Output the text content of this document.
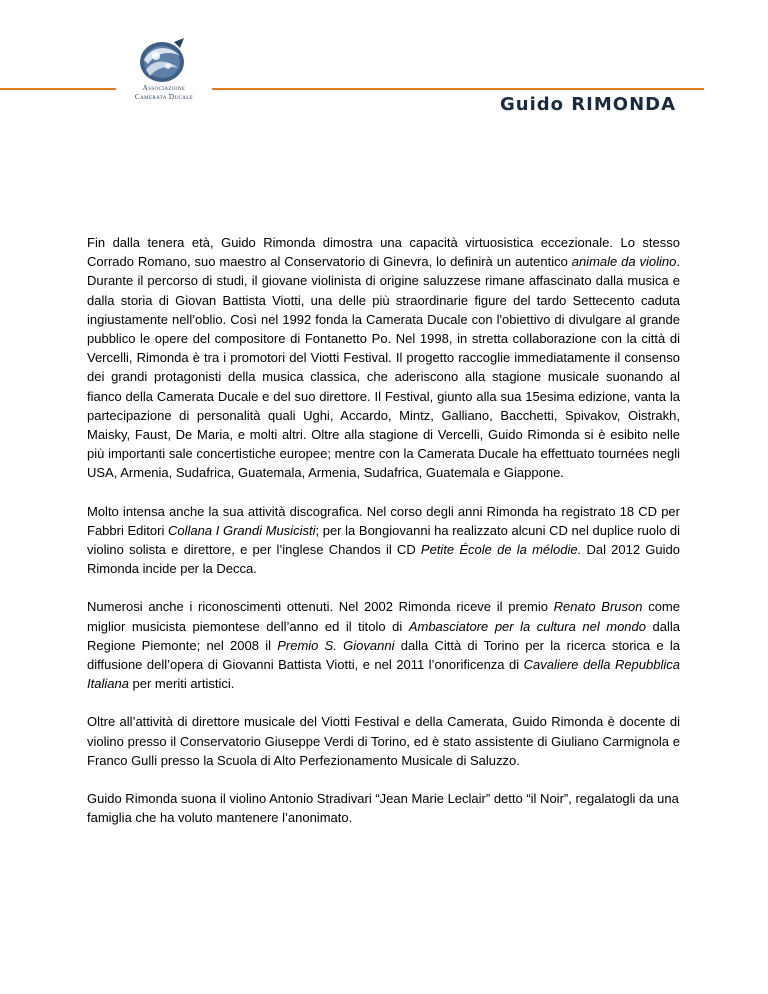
Associazione
Camerata Ducale	Guido RIMONDA

Fin dalla tenera età, Guido Rimonda dimostra una capacità virtuosistica eccezionale. Lo stesso Corrado Romano, suo maestro al Conservatorio di Ginevra, lo definirà un autentico animale da violino. Durante il percorso di studi, il giovane violinista di origine saluzzese rimane affascinato dalla musica e dalla storia di Giovan Battista Viotti, una delle più straordinarie figure del tardo Settecento caduta ingiustamente nell’oblio. Così nel 1992 fonda la Camerata Ducale con l'obiettivo di divulgare al grande pubblico le opere del compositore di Fontanetto Po. Nel 1998, in stretta collaborazione con la città di Vercelli, Rimonda è tra i promotori del Viotti Festival. Il progetto raccoglie immediatamente il consenso dei grandi protagonisti della musica classica, che aderiscono alla stagione musicale suonando al fianco della Camerata Ducale e del suo direttore. Il Festival, giunto alla sua 15esima edizione, vanta la partecipazione di personalità quali Ughi, Accardo, Mintz, Galliano, Bacchetti, Spivakov, Oistrakh, Maisky, Faust, De Maria, e molti altri. Oltre alla stagione di Vercelli, Guido Rimonda si è esibito nelle più importanti sale concertistiche europee; mentre con la Camerata Ducale ha effettuato tournées negli USA, Armenia, Sudafrica, Guatemala, Armenia, Sudafrica, Guatemala e Giappone.

Molto intensa anche la sua attività discografica. Nel corso degli anni Rimonda ha registrato 18 CD per Fabbri Editori Collana I Grandi Musicisti; per la Bongiovanni ha realizzato alcuni CD nel duplice ruolo di violino solista e direttore, e per l’inglese Chandos il CD Petite École de la mélodie. Dal 2012 Guido Rimonda incide per la Decca.

Numerosi anche i riconoscimenti ottenuti. Nel 2002 Rimonda riceve il premio Renato Bruson come miglior musicista piemontese dell’anno ed il titolo di Ambasciatore per la cultura nel mondo dalla Regione Piemonte; nel 2008 il Premio S. Giovanni dalla Città di Torino per la ricerca storica e la diffusione dell’opera di Giovanni Battista Viotti, e nel 2011 l’onorificenza di Cavaliere della Repubblica Italiana per meriti artistici.

Oltre all’attività di direttore musicale del Viotti Festival e della Camerata, Guido Rimonda è docente di violino presso il Conservatorio Giuseppe Verdi di Torino, ed è stato assistente di Giuliano Carmignola e Franco Gulli presso la Scuola di Alto Perfezionamento Musicale di Saluzzo.

Guido Rimonda suona il violino Antonio Stradivari “Jean Marie Leclair” detto “il Noir”, regalatogli da una famiglia che ha voluto mantenere l’anonimato.
